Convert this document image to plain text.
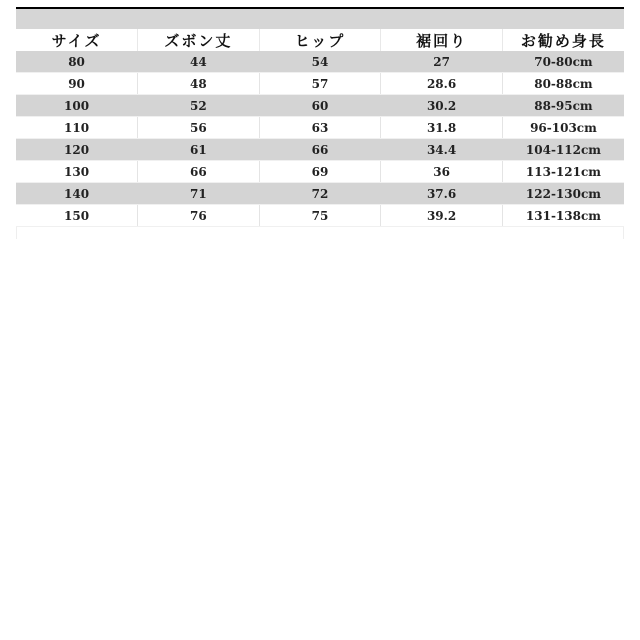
サイズ	ズボン丈	ヒップ	裾回り	お勧め身長
80	44	54	27	70-80cm
90	48	57	28.6	80-88cm
100	52	60	30.2	88-95cm
110	56	63	31.8	96-103cm
120	61	66	34.4	104-112cm
130	66	69	36	113-121cm
140	71	72	37.6	122-130cm
150	76	75	39.2	131-138cm
